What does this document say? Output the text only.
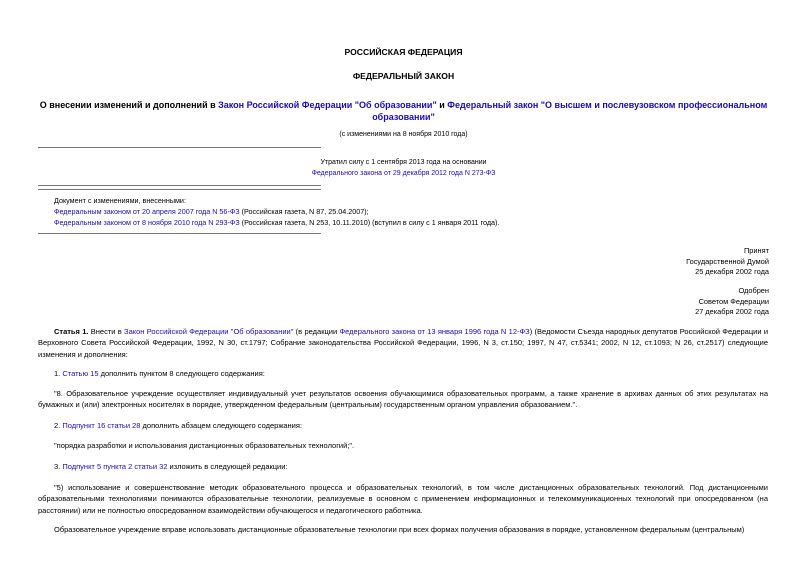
РОССИЙСКАЯ ФЕДЕРАЦИЯ
ФЕДЕРАЛЬНЫЙ ЗАКОН
О внесении изменений и дополнений в Закон Российской Федерации "Об образовании" и Федеральный закон "О высшем и послевузовском профессиональном образовании"
(с изменениями на 8 ноября 2010 года)
Утратил силу с 1 сентября 2013 года на основании
Федерального закона от 29 декабря 2012 года N 273-ФЗ
Документ с изменениями, внесенными:
Федеральным законом от 20 апреля 2007 года N 56-ФЗ (Российская газета, N 87, 25.04.2007);
Федеральным законом от 8 ноября 2010 года N 293-ФЗ (Российская газета, N 253, 10.11.2010) (вступил в силу с 1 января 2011 года).
Принят
Государственной Думой
25 декабря 2002 года
Одобрен
Советом Федерации
27 декабря 2002 года
Статья 1. Внести в Закон Российской Федерации "Об образовании" (в редакции Федерального закона от 13 января 1996 года N 12-ФЗ) (Ведомости Съезда народных депутатов Российской Федерации и Верховного Совета Российской Федерации, 1992, N 30, ст.1797; Собрание законодательства Российской Федерации, 1996, N 3, ст.150; 1997, N 47, ст.5341; 2002, N 12, ст.1093; N 26, ст.2517) следующие изменения и дополнения:
1. Статью 15 дополнить пунктом 8 следующего содержания:
"8. Образовательное учреждение осуществляет индивидуальный учет результатов освоения обучающимися образовательных программ, а также хранение в архивах данных об этих результатах на бумажных и (или) электронных носителях в порядке, утвержденном федеральным (центральным) государственным органом управления образованием.".
2. Подпункт 16 статьи 28 дополнить абзацем следующего содержания:
"порядка разработки и использования дистанционных образовательных технологий;".
3. Подпункт 5 пункта 2 статьи 32 изложить в следующей редакции:
"5) использование и совершенствование методик образовательного процесса и образовательных технологий, в том числе дистанционных образовательных технологий. Под дистанционными образовательными технологиями понимаются образовательные технологии, реализуемые в основном с применением информационных и телекоммуникационных технологий при опосредованном (на расстоянии) или не полностью опосредованном взаимодействии обучающегося и педагогического работника.
Образовательное учреждение вправе использовать дистанционные образовательные технологии при всех формах получения образования в порядке, установленном федеральным (центральным)
